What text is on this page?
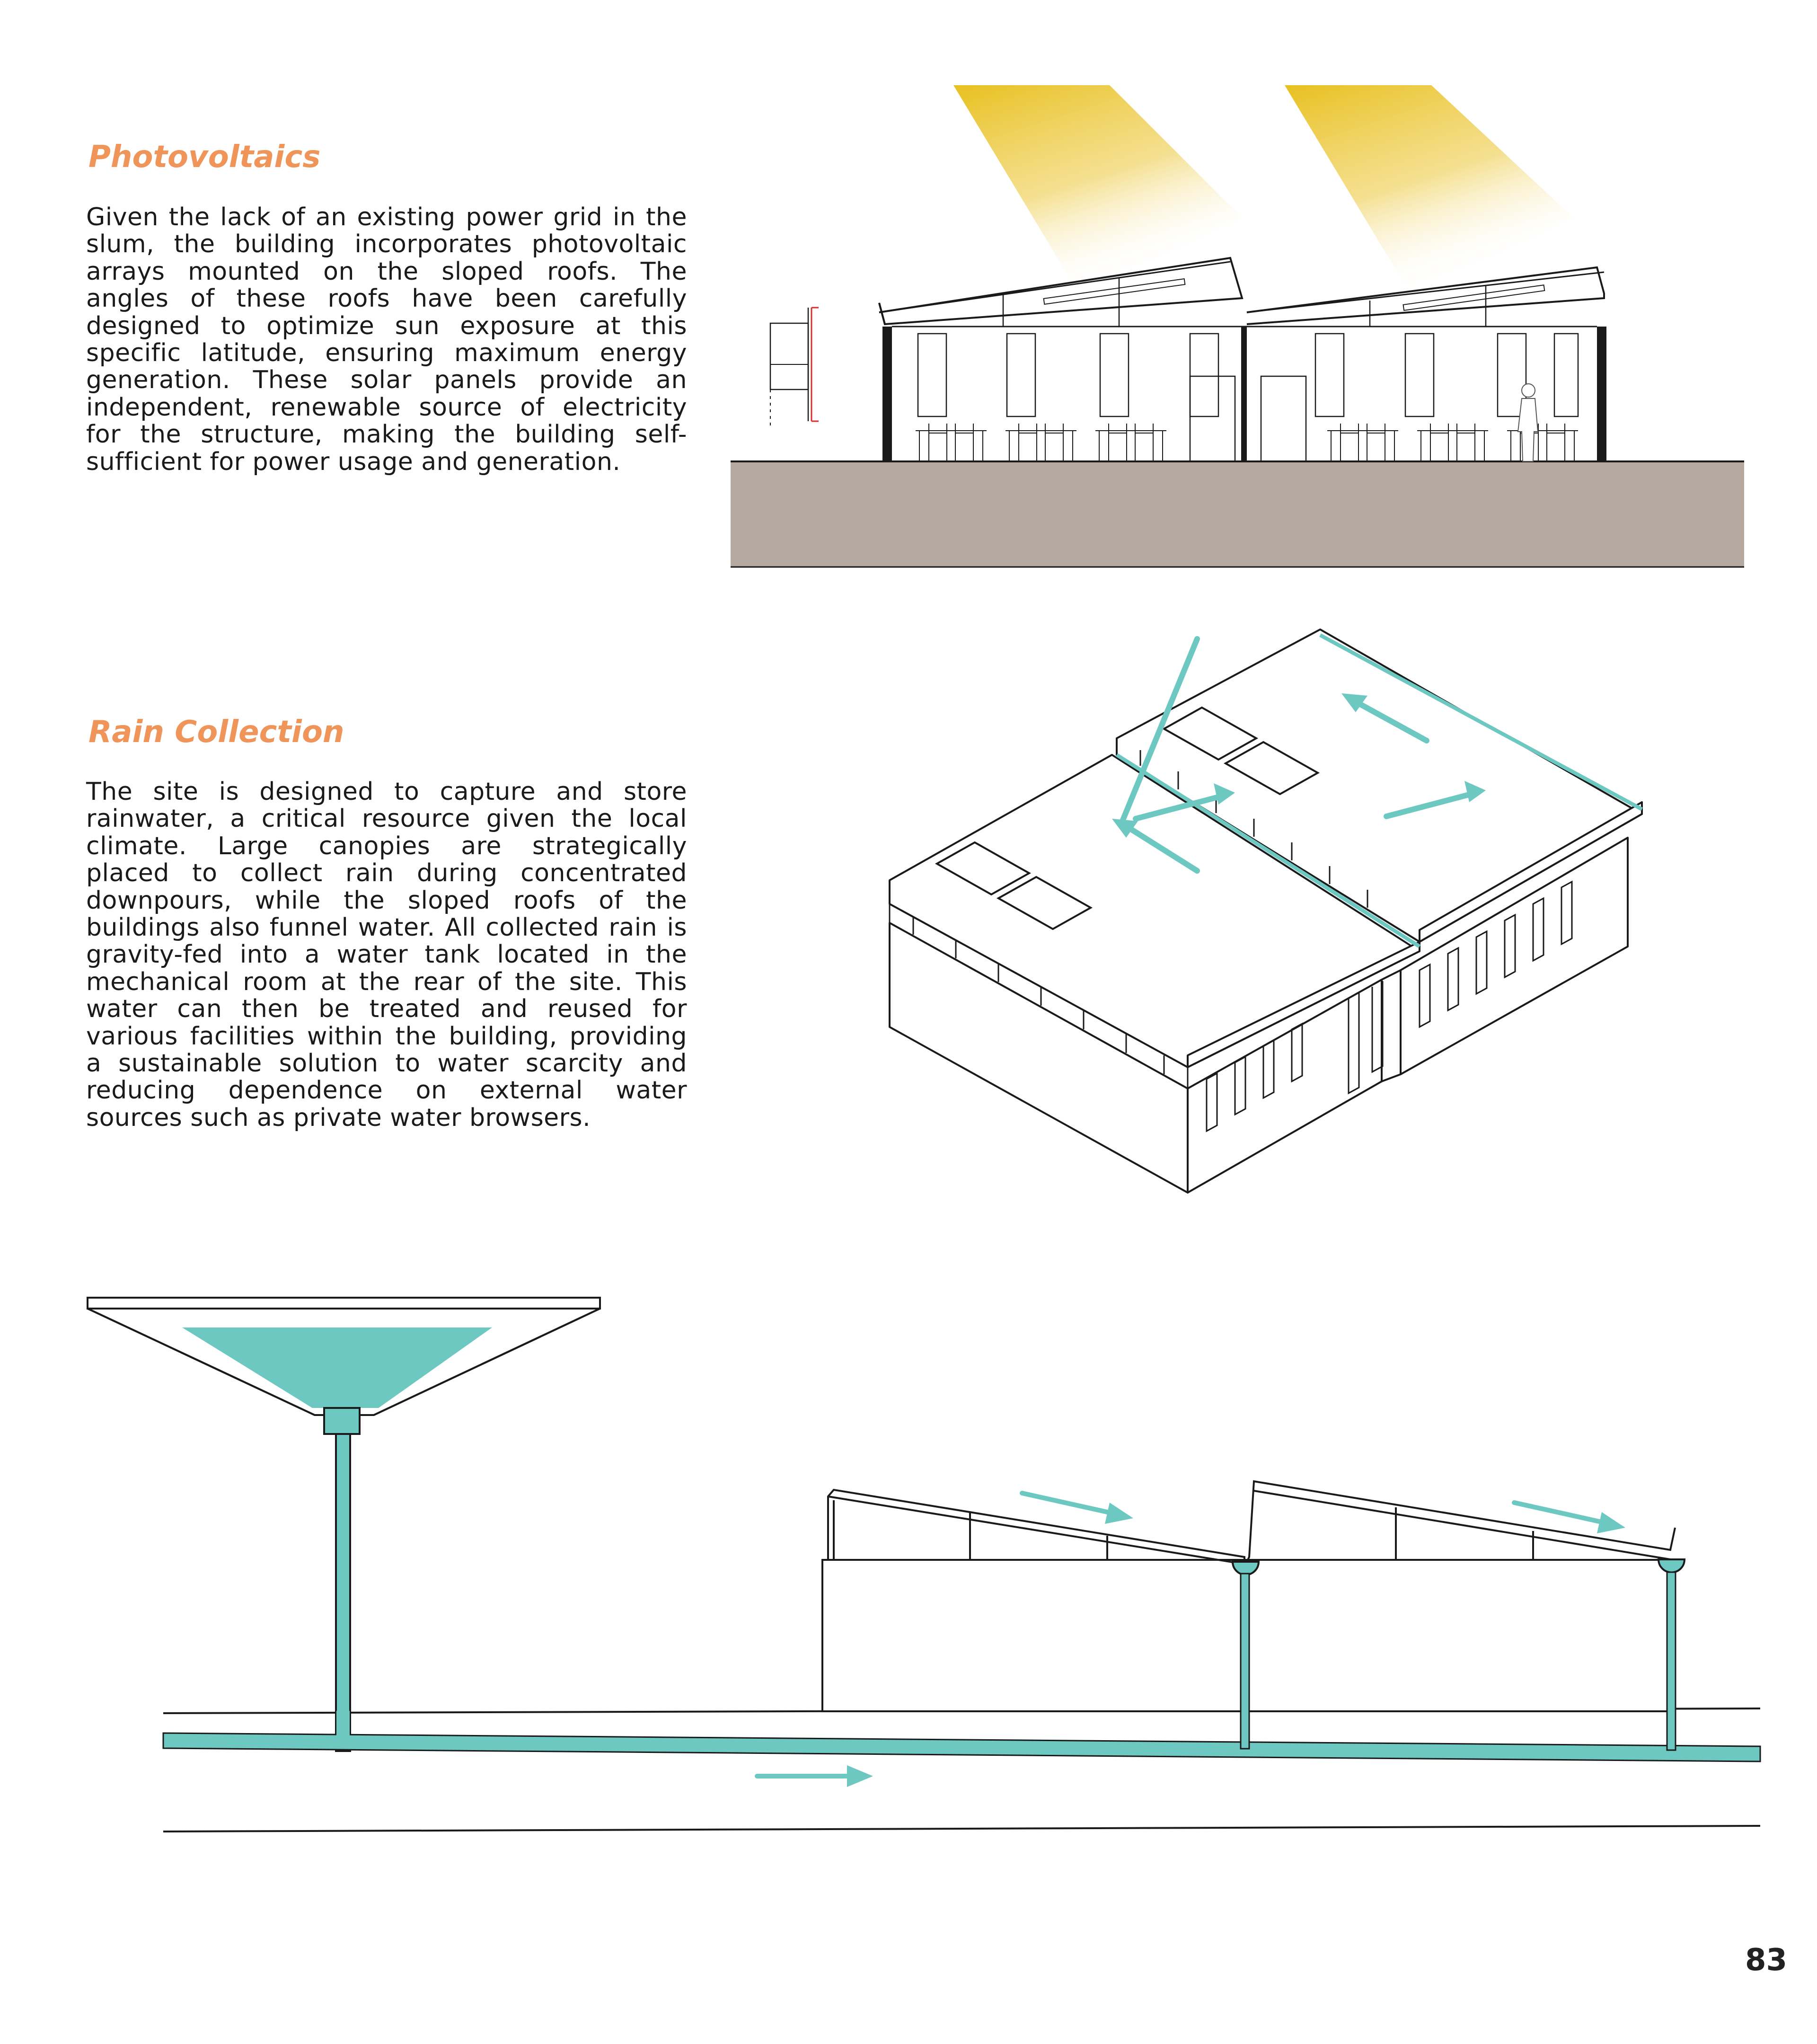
Photovoltaics

Given the lack of an existing power grid in the slum, the building incorporates photovoltaic arrays mounted on the sloped roofs. The angles of these roofs have been carefully designed to optimize sun exposure at this specific latitude, ensuring maximum energy generation. These solar panels provide an independent, renewable source of electricity for the structure, making the building self-sufficient for power usage and generation.

Rain Collection

The site is designed to capture and store rainwater, a critical resource given the local climate. Large canopies are strategically placed to collect rain during concentrated downpours, while the sloped roofs of the buildings also funnel water. All collected rain is gravity-fed into a water tank located in the mechanical room at the rear of the site. This water can then be treated and reused for various facilities within the building, providing a sustainable solution to water scarcity and reducing dependence on external water sources such as private water browsers.

83
